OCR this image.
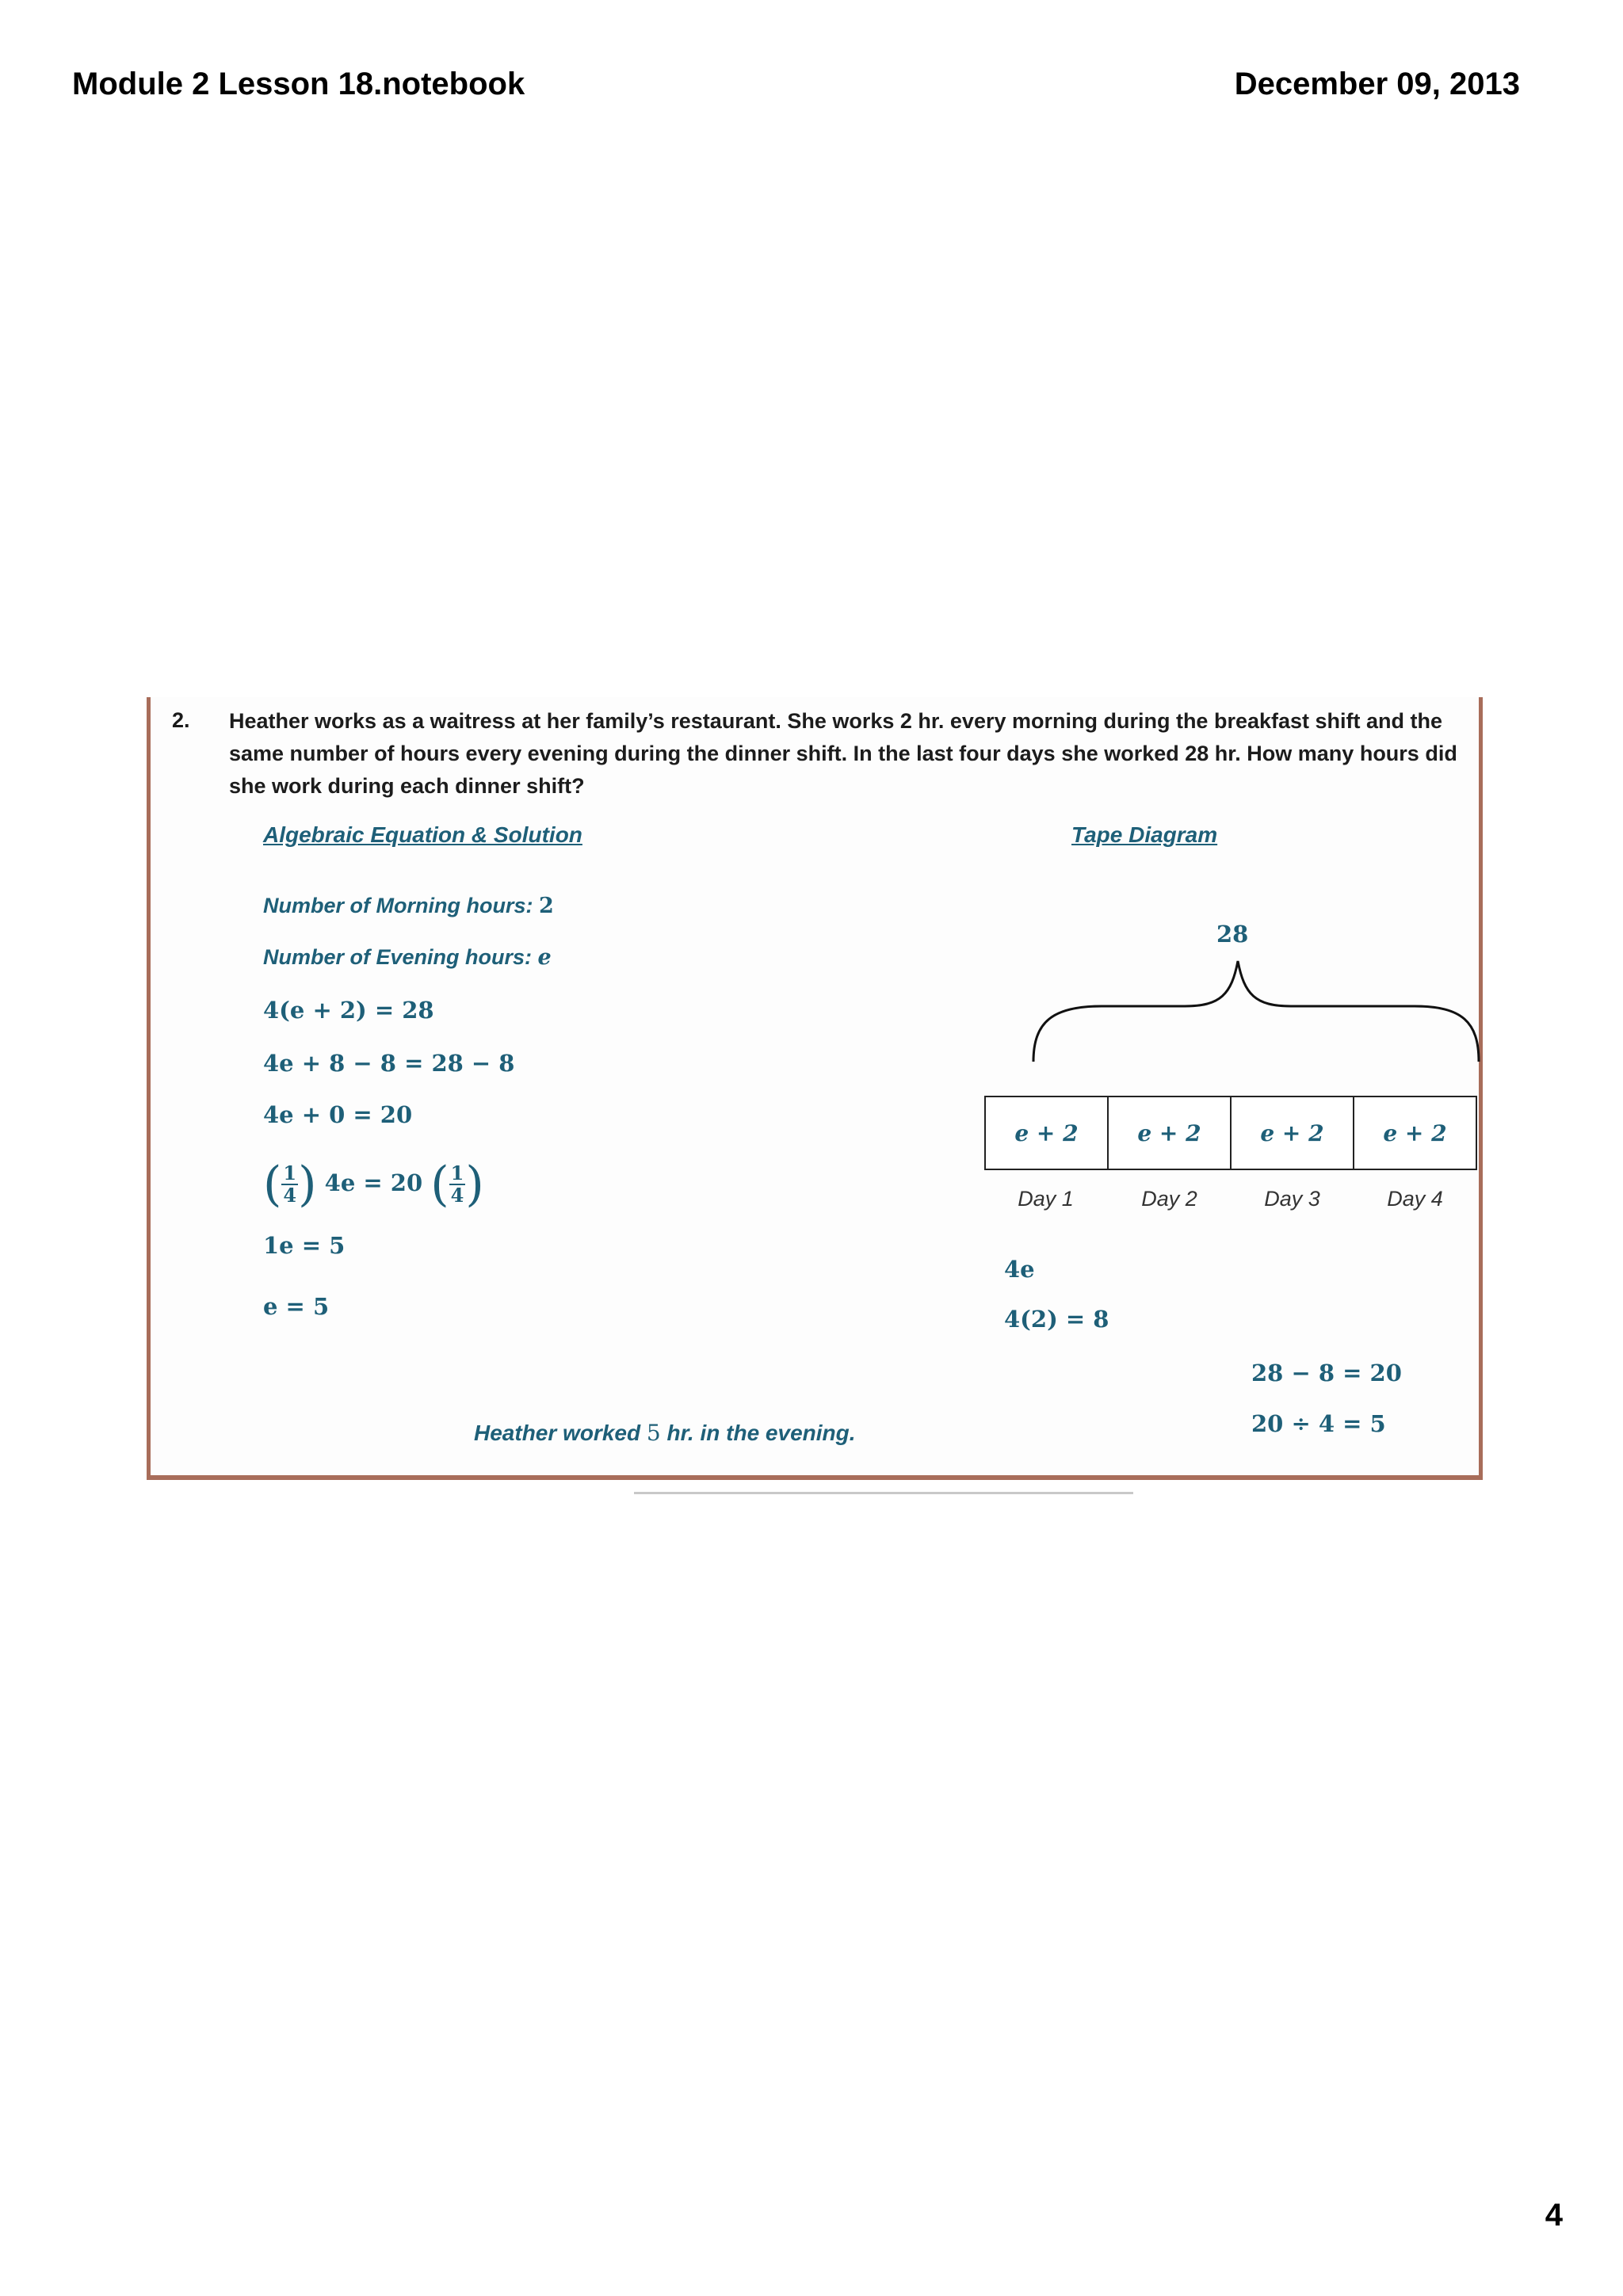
Module 2 Lesson 18.notebook	December 09, 2013
2. Heather works as a waitress at her family’s restaurant. She works 2 hr. every morning during the breakfast shift and the same number of hours every evening during the dinner shift. In the last four days she worked 28 hr. How many hours did she work during each dinner shift?
Algebraic Equation & Solution	Tape Diagram
Number of Morning hours: 2
Number of Evening hours: e
4(e + 2) = 28
4e + 8 − 8 = 28 − 8
4e + 0 = 20
( $\frac{1}{4}$ ) 4e = 20 ( $\frac{1}{4}$ )
1e = 5
e = 5
Heather worked 5 hr. in the evening.
28
e + 2	e + 2	e + 2	e + 2
Day 1	Day 2	Day 3	Day 4
4e
4(2) = 8
28 − 8 = 20
20 ÷ 4 = 5
4
